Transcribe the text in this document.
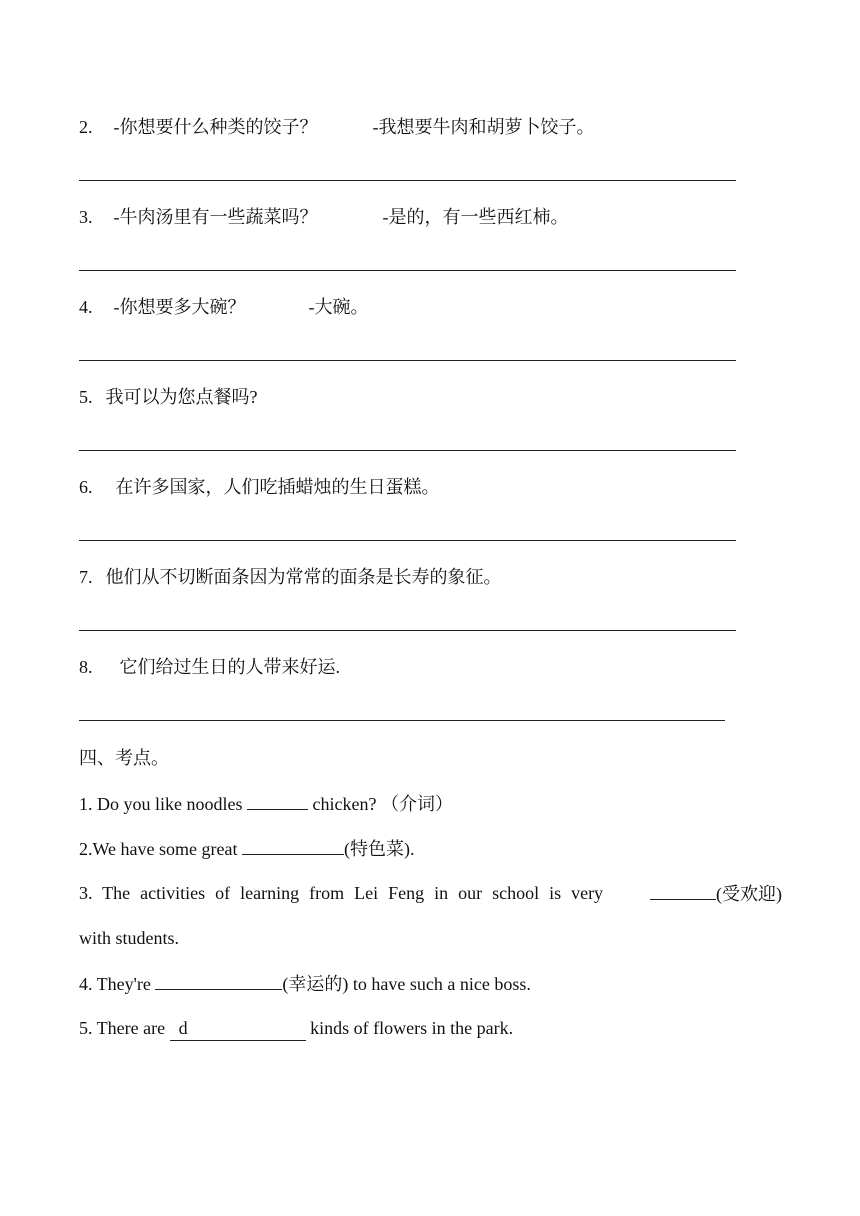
2. -你想要什么种类的饺子？	-我想要牛肉和胡萝卜饺子。
3. -牛肉汤里有一些蔬菜吗？	-是的，有一些西红柿。
4. -你想要多大碗？	-大碗。
5. 我可以为您点餐吗?
6. 在许多国家，人们吃插蜡烛的生日蛋糕。
7. 他们从不切断面条因为常常的面条是长寿的象征。
8. 它们给过生日的人带来好运.
四、考点。
1. Do you like noodles	chicken? （介词）
2.We have some great	(特色菜).
3. The activities of learning from Lei Feng in our school is very	(受欢迎)
with students.
4. They're	(幸运的) to have such a nice boss.
5. There are d	kinds of flowers in the park.
